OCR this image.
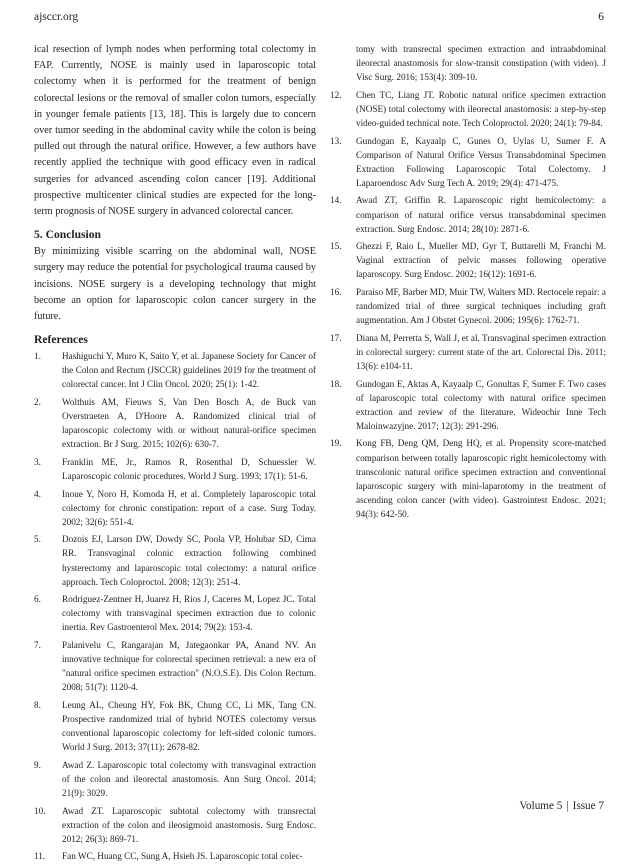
ajsccr.org	6

ical resection of lymph nodes when performing total colectomy in FAP. Currently, NOSE is mainly used in laparoscopic total colectomy when it is performed for the treatment of benign colorectal lesions or the removal of smaller colon tumors, especially in younger female patients [13, 18]. This is largely due to concern over tumor seeding in the abdominal cavity while the colon is being pulled out through the natural orifice. However, a few authors have recently applied the technique with good efficacy even in radical surgeries for advanced ascending colon cancer [19]. Additional prospective multicenter clinical studies are expected for the long-term prognosis of NOSE surgery in advanced colorectal cancer.

5. Conclusion

By minimizing visible scarring on the abdominal wall, NOSE surgery may reduce the potential for psychological trauma caused by incisions. NOSE surgery is a developing technology that might become an option for laparoscopic colon cancer surgery in the future.

References
1.	Hashiguchi Y, Muro K, Saito Y, et al. Japanese Society for Cancer of the Colon and Rectum (JSCCR) guidelines 2019 for the treatment of colorectal cancer. Int J Clin Oncol. 2020; 25(1): 1-42.
2.	Wolthuis AM, Fieuws S, Van Den Bosch A, de Buck van Overstraeten A, D'Hoore A. Randomized clinical trial of laparoscopic colectomy with or without natural-orifice specimen extraction. Br J Surg. 2015; 102(6): 630-7.
3.	Franklin ME, Jr., Ramos R, Rosenthal D, Schuessler W. Laparoscopic colonic procedures. World J Surg. 1993; 17(1): 51-6.
4.	Inoue Y, Noro H, Komoda H, et al. Completely laparoscopic total colectomy for chronic constipation: report of a case. Surg Today. 2002; 32(6): 551-4.
5.	Dozois EJ, Larson DW, Dowdy SC, Poola VP, Holubar SD, Cima RR. Transvaginal colonic extraction following combined hysterectomy and laparoscopic total colectomy: a natural orifice approach. Tech Coloproctol. 2008; 12(3): 251-4.
6.	Rodriguez-Zentner H, Juarez H, Rios J, Caceres M, Lopez JC. Total colectomy with transvaginal specimen extraction due to colonic inertia. Rev Gastroenterol Mex. 2014; 79(2): 153-4.
7.	Palanivelu C, Rangarajan M, Jategaonkar PA, Anand NV. An innovative technique for colorectal specimen retrieval: a new era of "natural orifice specimen extraction" (N.O.S.E). Dis Colon Rectum. 2008; 51(7): 1120-4.
8.	Leung AL, Cheung HY, Fok BK, Chung CC, Li MK, Tang CN. Prospective randomized trial of hybrid NOTES colectomy versus conventional laparoscopic colectomy for left-sided colonic tumors. World J Surg. 2013; 37(11): 2678-82.
9.	Awad Z. Laparoscopic total colectomy with transvaginal extraction of the colon and ileorectal anastomosis. Ann Surg Oncol. 2014; 21(9): 3029.
10.	Awad ZT. Laparoscopic subtotal colectomy with transrectal extraction of the colon and ileosigmoid anastomosis. Surg Endosc. 2012; 26(3): 869-71.
11.	Fan WC, Huang CC, Sung A, Hsieh JS. Laparoscopic total colec-
tomy with transrectal specimen extraction and intraabdominal ileorectal anastomosis for slow-transit constipation (with video). J Visc Surg. 2016; 153(4): 309-10.
12.	Chen TC, Liang JT. Robotic natural orifice specimen extraction (NOSE) total colectomy with ileorectal anastomosis: a step-by-step video-guided technical note. Tech Coloproctol. 2020; 24(1): 79-84.
13.	Gundogan E, Kayaalp C, Gunes O, Uylas U, Sumer F. A Comparison of Natural Orifice Versus Transabdominal Specimen Extraction Following Laparoscopic Total Colectomy. J Laparoendosc Adv Surg Tech A. 2019; 29(4): 471-475.
14.	Awad ZT, Griffin R. Laparoscopic right hemicolectomy: a comparison of natural orifice versus transabdominal specimen extraction. Surg Endosc. 2014; 28(10): 2871-6.
15.	Ghezzi F, Raio L, Mueller MD, Gyr T, Buttarelli M, Franchi M. Vaginal extraction of pelvic masses following operative laparoscopy. Surg Endosc. 2002; 16(12): 1691-6.
16.	Paraiso MF, Barber MD, Muir TW, Walters MD. Rectocele repair: a randomized trial of three surgical techniques including graft augmentation. Am J Obstet Gynecol. 2006; 195(6): 1762-71.
17.	Diana M, Perretta S, Wall J, et al. Transvaginal specimen extraction in colorectal surgery: current state of the art. Colorectal Dis. 2011; 13(6): e104-11.
18.	Gundogan E, Aktas A, Kayaalp C, Gonultas F, Sumer F. Two cases of laparoscopic total colectomy with natural orifice specimen extraction and review of the literature. Wideochir Inne Tech Maloinwazyjne. 2017; 12(3): 291-296.
19.	Kong FB, Deng QM, Deng HQ, et al. Propensity score-matched comparison between totally laparoscopic right hemicolectomy with transcolonic natural orifice specimen extraction and conventional laparoscopic surgery with mini-laparotomy in the treatment of ascending colon cancer (with video). Gastrointest Endosc. 2021; 94(3): 642-50.
Volume 5 | Issue 7
